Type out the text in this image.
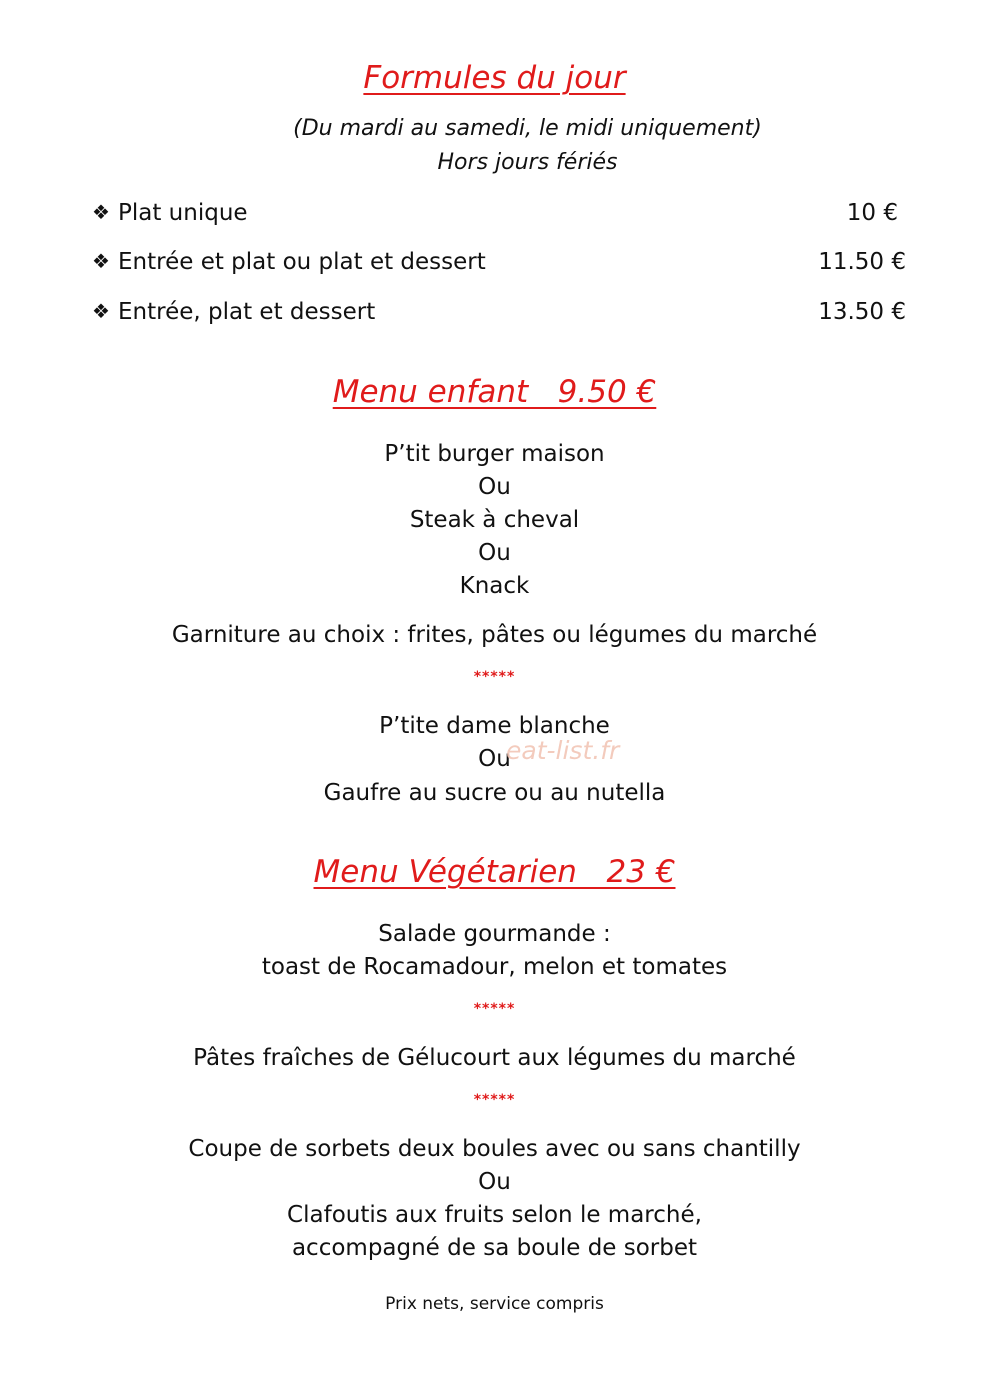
Formules du jour
(Du mardi au samedi, le midi uniquement)
Hors jours fériés
❖ Plat unique	10 €
❖ Entrée et plat ou plat et dessert	11.50 €
❖ Entrée, plat et dessert	13.50 €
Menu enfant   9.50 €
P’tit burger maison
Ou
Steak à cheval
Ou
Knack
Garniture au choix : frites, pâtes ou légumes du marché
*****
P’tite dame blanche
Ou
Gaufre au sucre ou au nutella
eat-list.fr
Menu Végétarien   23 €
Salade gourmande :
toast de Rocamadour, melon et tomates
*****
Pâtes fraîches de Gélucourt aux légumes du marché
*****
Coupe de sorbets deux boules avec ou sans chantilly
Ou
Clafoutis aux fruits selon le marché,
accompagné de sa boule de sorbet
Prix nets, service compris
